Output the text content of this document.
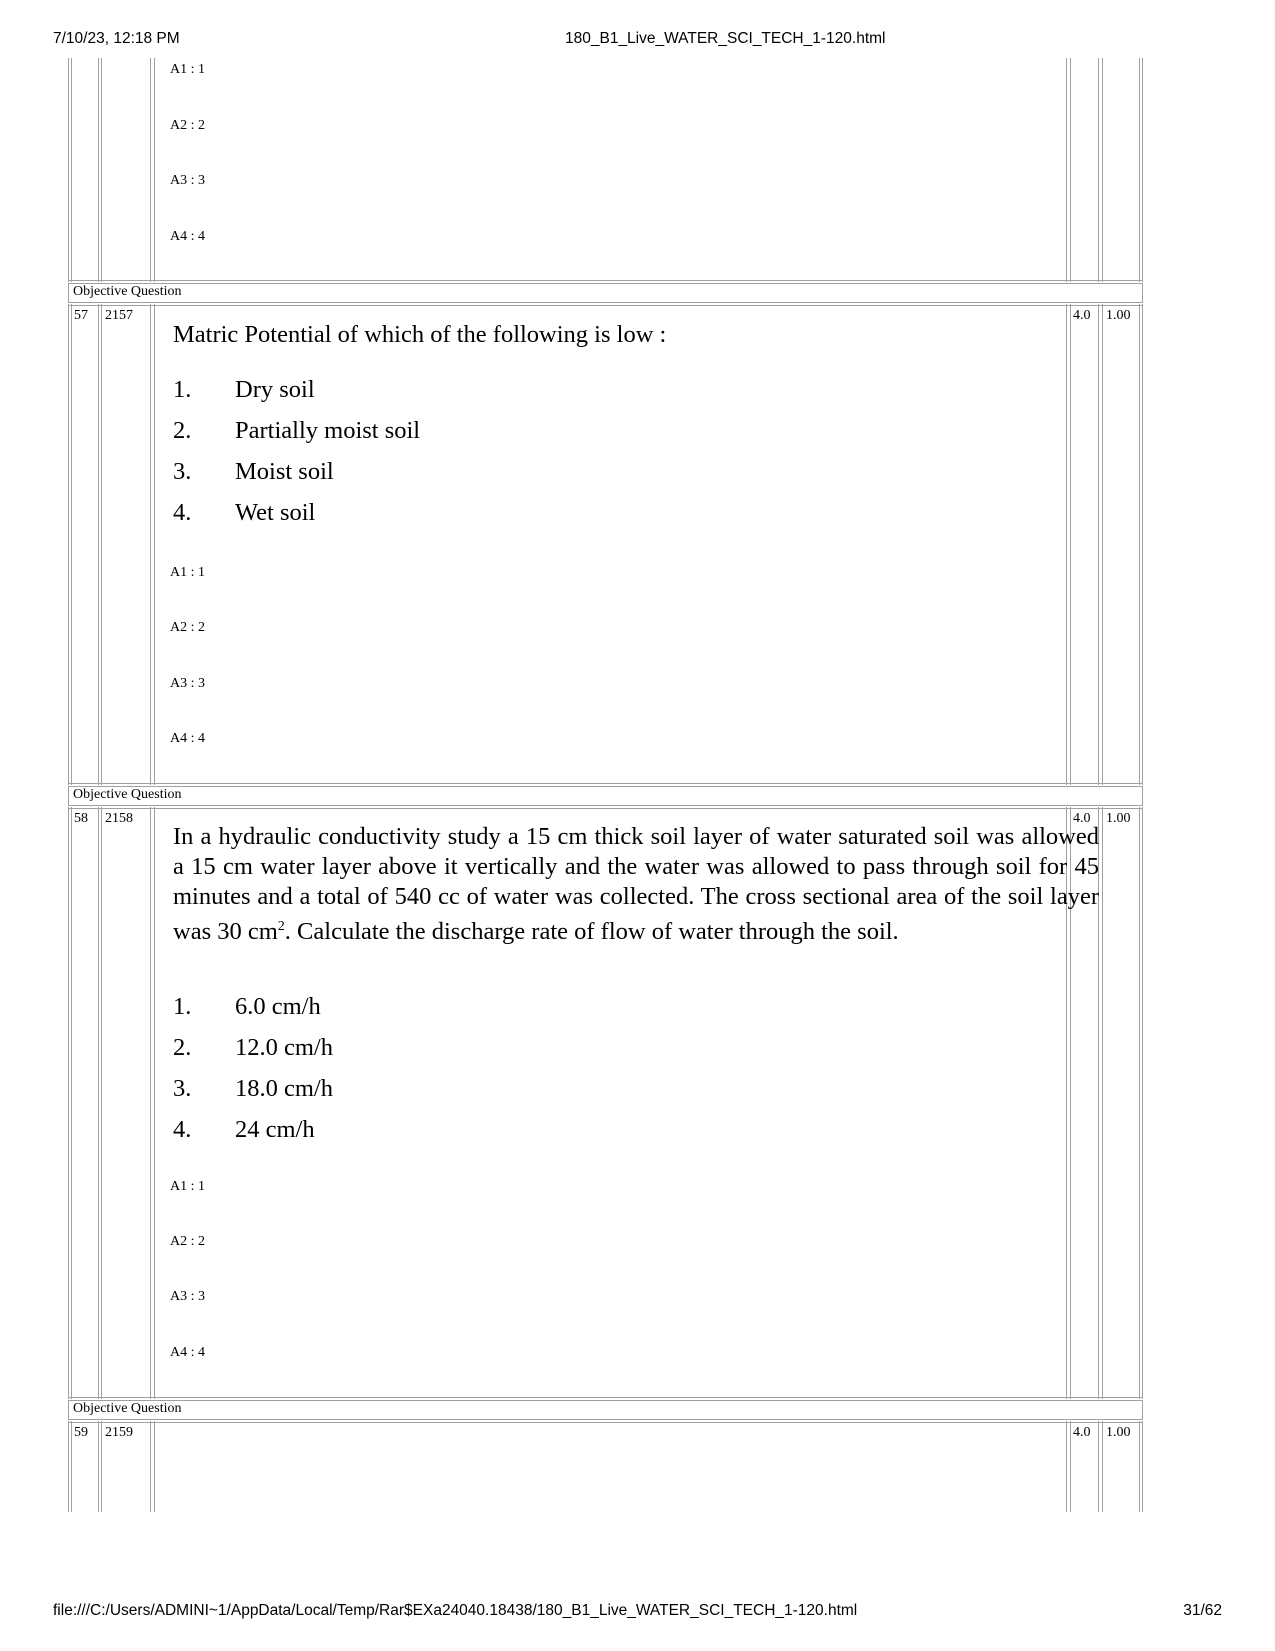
7/10/23, 12:18 PM	180_B1_Live_WATER_SCI_TECH_1-120.html
file:///C:/Users/ADMINI~1/AppData/Local/Temp/Rar$EXa24040.18438/180_B1_Live_WATER_SCI_TECH_1-120.html	31/62
A1 : 1
A2 : 2
A3 : 3
A4 : 4
Objective Question
57 2157	4.0 1.00
Matric Potential of which of the following is low :
1. Dry soil
2. Partially moist soil
3. Moist soil
4. Wet soil
A1 : 1
A2 : 2
A3 : 3
A4 : 4
Objective Question
58 2158	4.0 1.00
In a hydraulic conductivity study a 15 cm thick soil layer of water saturated soil was allowed a 15 cm water layer above it vertically and the water was allowed to pass through soil for 45 minutes and a total of 540 cc of water was collected. The cross sectional area of the soil layer was 30 $cm^2$. Calculate the discharge rate of flow of water through the soil.
1. 6.0 cm/h
2. 12.0 cm/h
3. 18.0 cm/h
4. 24 cm/h
A1 : 1
A2 : 2
A3 : 3
A4 : 4
Objective Question
59 2159	4.0 1.00
